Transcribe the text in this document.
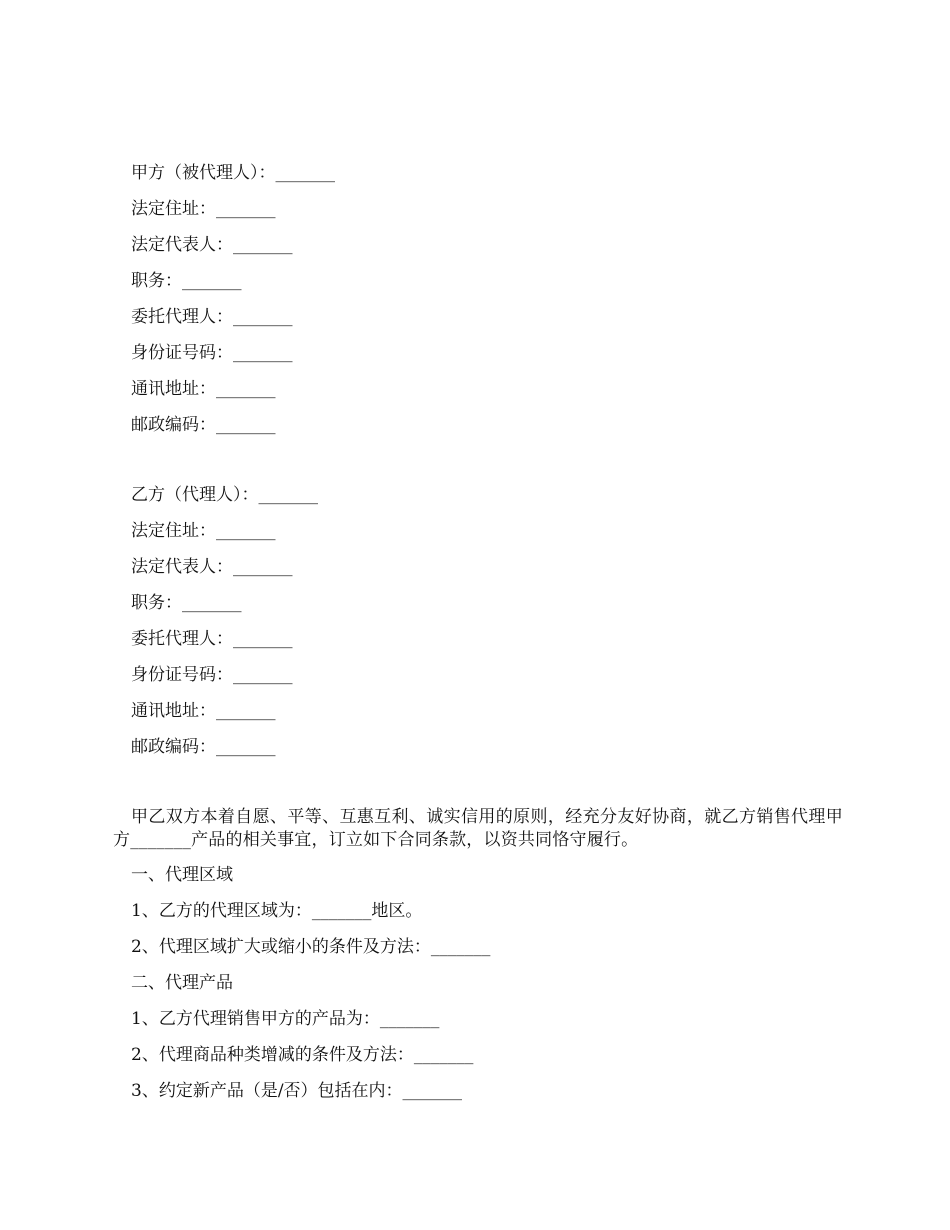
甲方（被代理人）：_______
法定住址：_______
法定代表人：_______
职务：_______
委托代理人：_______
身份证号码：_______
通讯地址：_______
邮政编码：_______
乙方（代理人）：_______
法定住址：_______
法定代表人：_______
职务：_______
委托代理人：_______
身份证号码：_______
通讯地址：_______
邮政编码：_______
甲乙双方本着自愿、平等、互惠互利、诚实信用的原则，经充分友好协商，就乙方销售代理甲方_______产品的相关事宜，订立如下合同条款，以资共同恪守履行。
一、代理区域
1、乙方的代理区域为：_______地区。
2、代理区域扩大或缩小的条件及方法：_______
二、代理产品
1、乙方代理销售甲方的产品为：_______
2、代理商品种类增减的条件及方法：_______
3、约定新产品（是/否）包括在内：_______
